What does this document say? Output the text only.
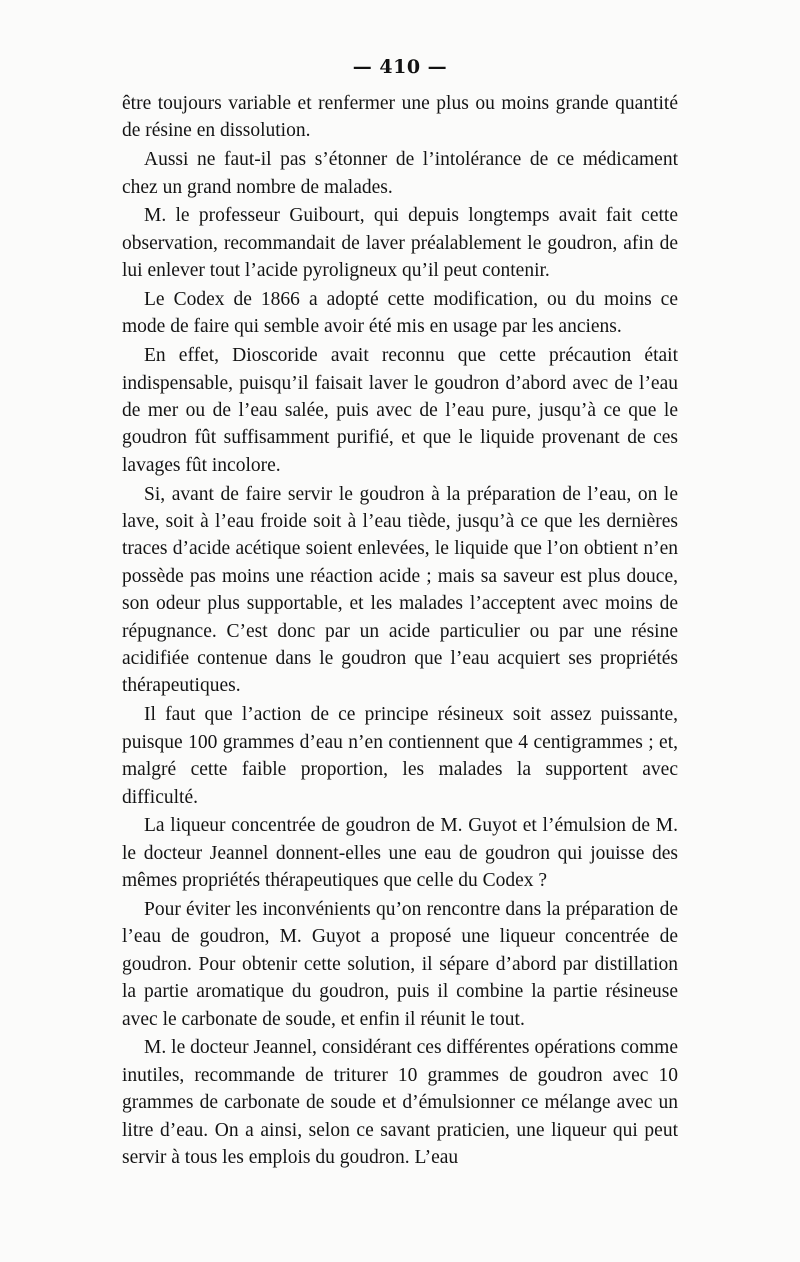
— 410 —

être toujours variable et renfermer une plus ou moins grande quantité de résine en dissolution.

Aussi ne faut-il pas s’étonner de l’intolérance de ce médicament chez un grand nombre de malades.

M. le professeur Guibourt, qui depuis longtemps avait fait cette observation, recommandait de laver préalablement le goudron, afin de lui enlever tout l’acide pyroligneux qu’il peut contenir.

Le Codex de 1866 a adopté cette modification, ou du moins ce mode de faire qui semble avoir été mis en usage par les anciens.

En effet, Dioscoride avait reconnu que cette précaution était indispensable, puisqu’il faisait laver le goudron d’abord avec de l’eau de mer ou de l’eau salée, puis avec de l’eau pure, jusqu’à ce que le goudron fût suffisamment purifié, et que le liquide provenant de ces lavages fût incolore.

Si, avant de faire servir le goudron à la préparation de l’eau, on le lave, soit à l’eau froide soit à l’eau tiède, jusqu’à ce que les dernières traces d’acide acétique soient enlevées, le liquide que l’on obtient n’en possède pas moins une réaction acide ; mais sa saveur est plus douce, son odeur plus supportable, et les malades l’acceptent avec moins de répugnance. C’est donc par un acide particulier ou par une résine acidifiée contenue dans le goudron que l’eau acquiert ses propriétés thérapeutiques.

Il faut que l’action de ce principe résineux soit assez puissante, puisque 100 grammes d’eau n’en contiennent que 4 centigrammes ; et, malgré cette faible proportion, les malades la supportent avec difficulté.

La liqueur concentrée de goudron de M. Guyot et l’émulsion de M. le docteur Jeannel donnent-elles une eau de goudron qui jouisse des mêmes propriétés thérapeutiques que celle du Codex ?

Pour éviter les inconvénients qu’on rencontre dans la préparation de l’eau de goudron, M. Guyot a proposé une liqueur concentrée de goudron. Pour obtenir cette solution, il sépare d’abord par distillation la partie aromatique du goudron, puis il combine la partie résineuse avec le carbonate de soude, et enfin il réunit le tout.

M. le docteur Jeannel, considérant ces différentes opérations comme inutiles, recommande de triturer 10 grammes de goudron avec 10 grammes de carbonate de soude et d’émulsionner ce mélange avec un litre d’eau. On a ainsi, selon ce savant praticien, une liqueur qui peut servir à tous les emplois du goudron. L’eau
